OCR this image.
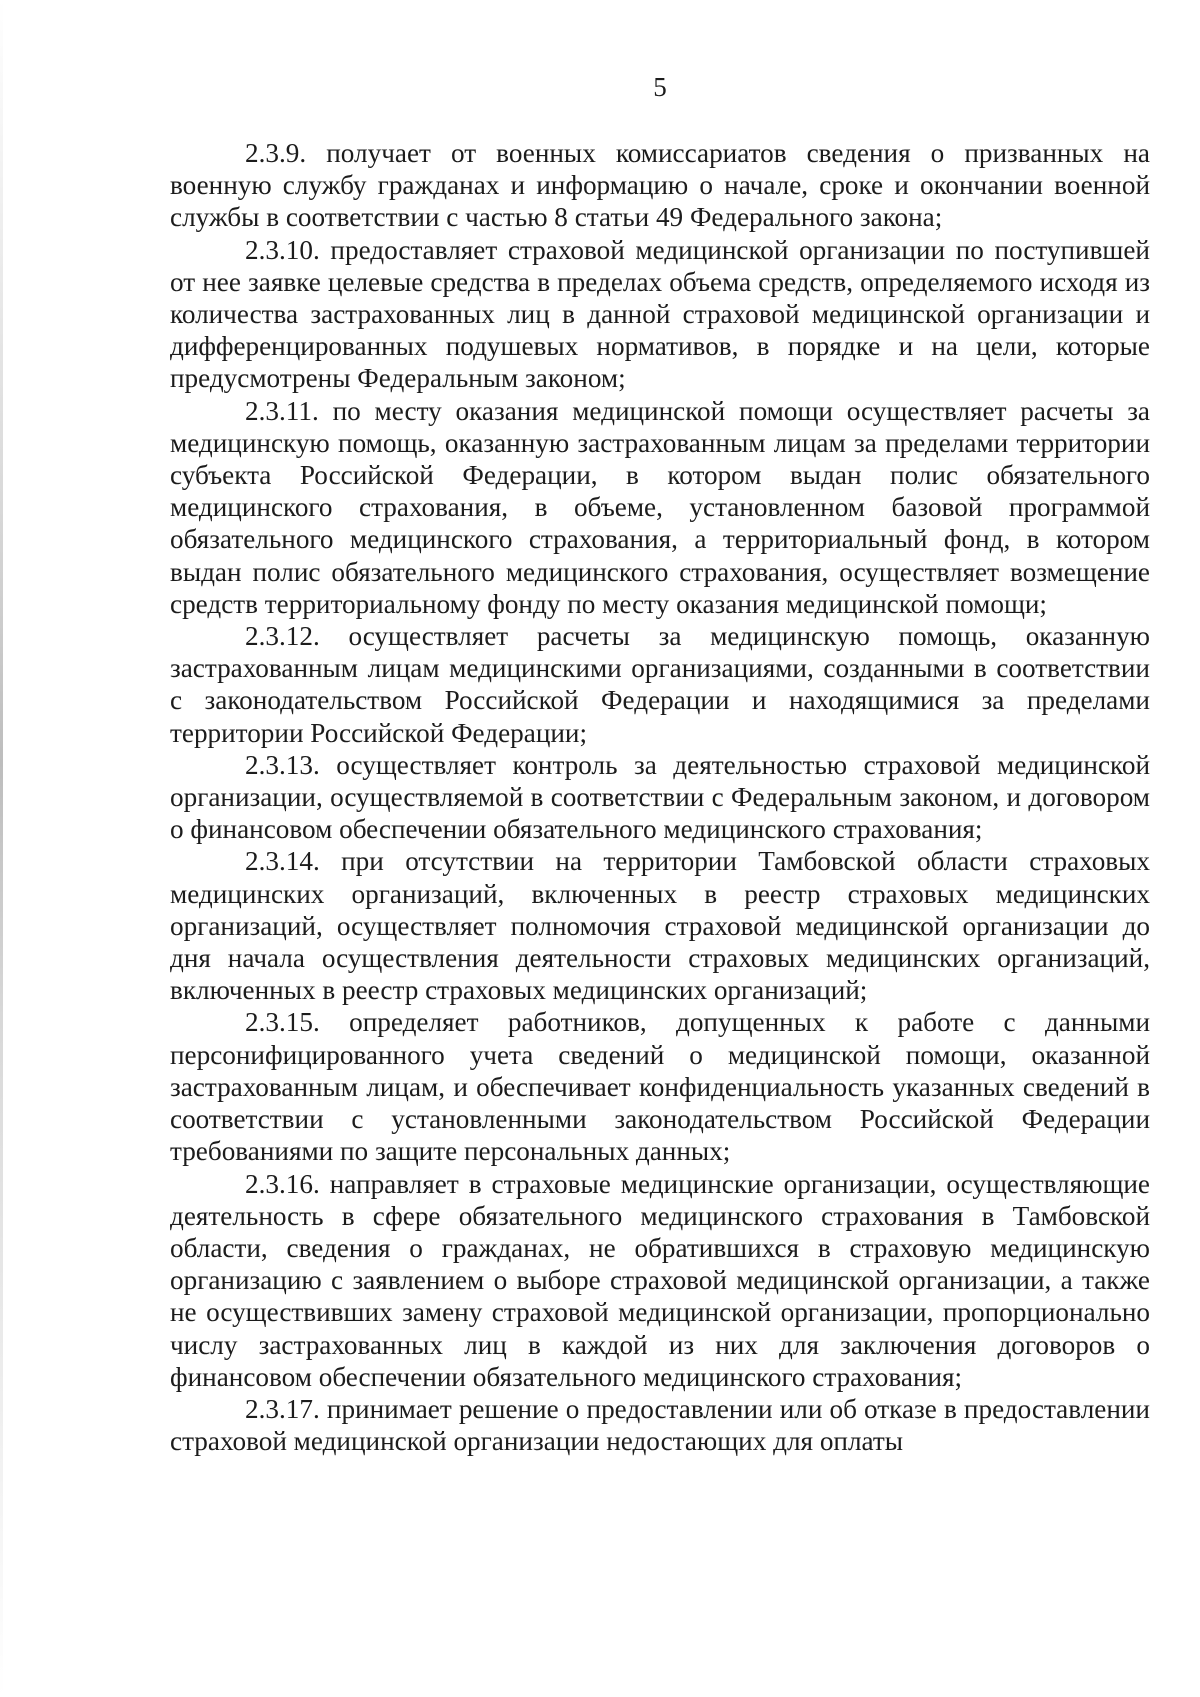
5

2.3.9. получает от военных комиссариатов сведения о призванных на военную службу гражданах и информацию о начале, сроке и окончании военной службы в соответствии с частью 8 статьи 49 Федерального закона;

2.3.10. предоставляет страховой медицинской организации по поступившей от нее заявке целевые средства в пределах объема средств, определяемого исходя из количества застрахованных лиц в данной страховой медицинской организации и дифференцированных подушевых нормативов, в порядке и на цели, которые предусмотрены Федеральным законом;

2.3.11. по месту оказания медицинской помощи осуществляет расчеты за медицинскую помощь, оказанную застрахованным лицам за пределами территории субъекта Российской Федерации, в котором выдан полис обязательного медицинского страхования, в объеме, установленном базовой программой обязательного медицинского страхования, а территориальный фонд, в котором выдан полис обязательного медицинского страхования, осуществляет возмещение средств территориальному фонду по месту оказания медицинской помощи;

2.3.12. осуществляет расчеты за медицинскую помощь, оказанную застрахованным лицам медицинскими организациями, созданными в соответствии с законодательством Российской Федерации и находящимися за пределами территории Российской Федерации;

2.3.13. осуществляет контроль за деятельностью страховой медицинской организации, осуществляемой в соответствии с Федеральным законом, и договором о финансовом обеспечении обязательного медицинского страхования;

2.3.14. при отсутствии на территории Тамбовской области страховых медицинских организаций, включенных в реестр страховых медицинских организаций, осуществляет полномочия страховой медицинской организации до дня начала осуществления деятельности страховых медицинских организаций, включенных в реестр страховых медицинских организаций;

2.3.15. определяет работников, допущенных к работе с данными персонифицированного учета сведений о медицинской помощи, оказанной застрахованным лицам, и обеспечивает конфиденциальность указанных сведений в соответствии с установленными законодательством Российской Федерации требованиями по защите персональных данных;

2.3.16. направляет в страховые медицинские организации, осуществляющие деятельность в сфере обязательного медицинского страхования в Тамбовской области, сведения о гражданах, не обратившихся в страховую медицинскую организацию с заявлением о выборе страховой медицинской организации, а также не осуществивших замену страховой медицинской организации, пропорционально числу застрахованных лиц в каждой из них для заключения договоров о финансовом обеспечении обязательного медицинского страхования;

2.3.17. принимает решение о предоставлении или об отказе в предоставлении страховой медицинской организации недостающих для оплаты
